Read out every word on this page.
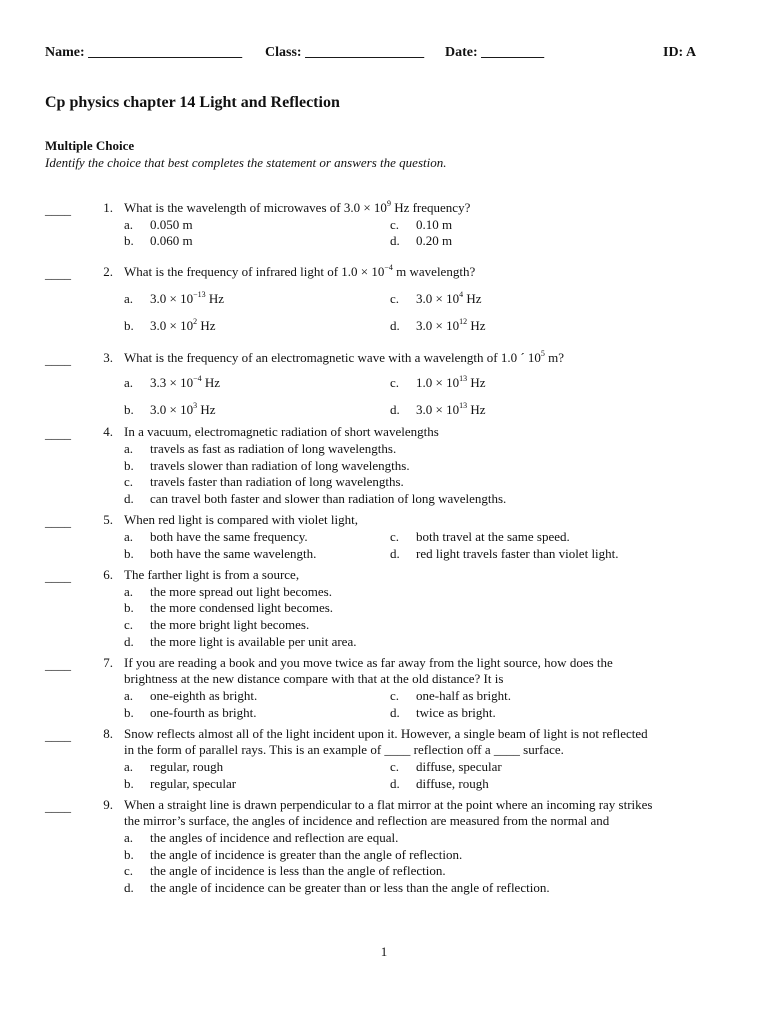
Name: ______________________ Class: _________________ Date: _________	ID: A
Cp physics chapter 14 Light and Reflection
Multiple Choice
Identify the choice that best completes the statement or answers the question.
____	1. What is the wavelength of microwaves of $3.0 \times 10^9$ Hz frequency?
a. 0.050 m	c. 0.10 m
b. 0.060 m	d. 0.20 m
____	2. What is the frequency of infrared light of $1.0 \times 10^{-4}$ m wavelength?
a. $3.0 \times 10^{-13}$ Hz	c. $3.0 \times 10^4$ Hz
b. $3.0 \times 10^2$ Hz	d. $3.0 \times 10^{12}$ Hz
____	3. What is the frequency of an electromagnetic wave with a wavelength of 1.0 ´ $10^5$ m?
a. $3.3 \times 10^{-4}$ Hz	c. $1.0 \times 10^{13}$ Hz
b. $3.0 \times 10^3$ Hz	d. $3.0 \times 10^{13}$ Hz
____	4. In a vacuum, electromagnetic radiation of short wavelengths
a. travels as fast as radiation of long wavelengths.
b. travels slower than radiation of long wavelengths.
c. travels faster than radiation of long wavelengths.
d. can travel both faster and slower than radiation of long wavelengths.
____	5. When red light is compared with violet light,
a. both have the same frequency.	c. both travel at the same speed.
b. both have the same wavelength.	d. red light travels faster than violet light.
____	6. The farther light is from a source,
a. the more spread out light becomes.
b. the more condensed light becomes.
c. the more bright light becomes.
d. the more light is available per unit area.
____	7. If you are reading a book and you move twice as far away from the light source, how does the
brightness at the new distance compare with that at the old distance? It is
a. one-eighth as bright.	c. one-half as bright.
b. one-fourth as bright.	d. twice as bright.
____	8. Snow reflects almost all of the light incident upon it. However, a single beam of light is not reflected
in the form of parallel rays. This is an example of ____ reflection off a ____ surface.
a. regular, rough	c. diffuse, specular
b. regular, specular	d. diffuse, rough
____	9. When a straight line is drawn perpendicular to a flat mirror at the point where an incoming ray strikes
the mirror’s surface, the angles of incidence and reflection are measured from the normal and
a. the angles of incidence and reflection are equal.
b. the angle of incidence is greater than the angle of reflection.
c. the angle of incidence is less than the angle of reflection.
d. the angle of incidence can be greater than or less than the angle of reflection.
1
